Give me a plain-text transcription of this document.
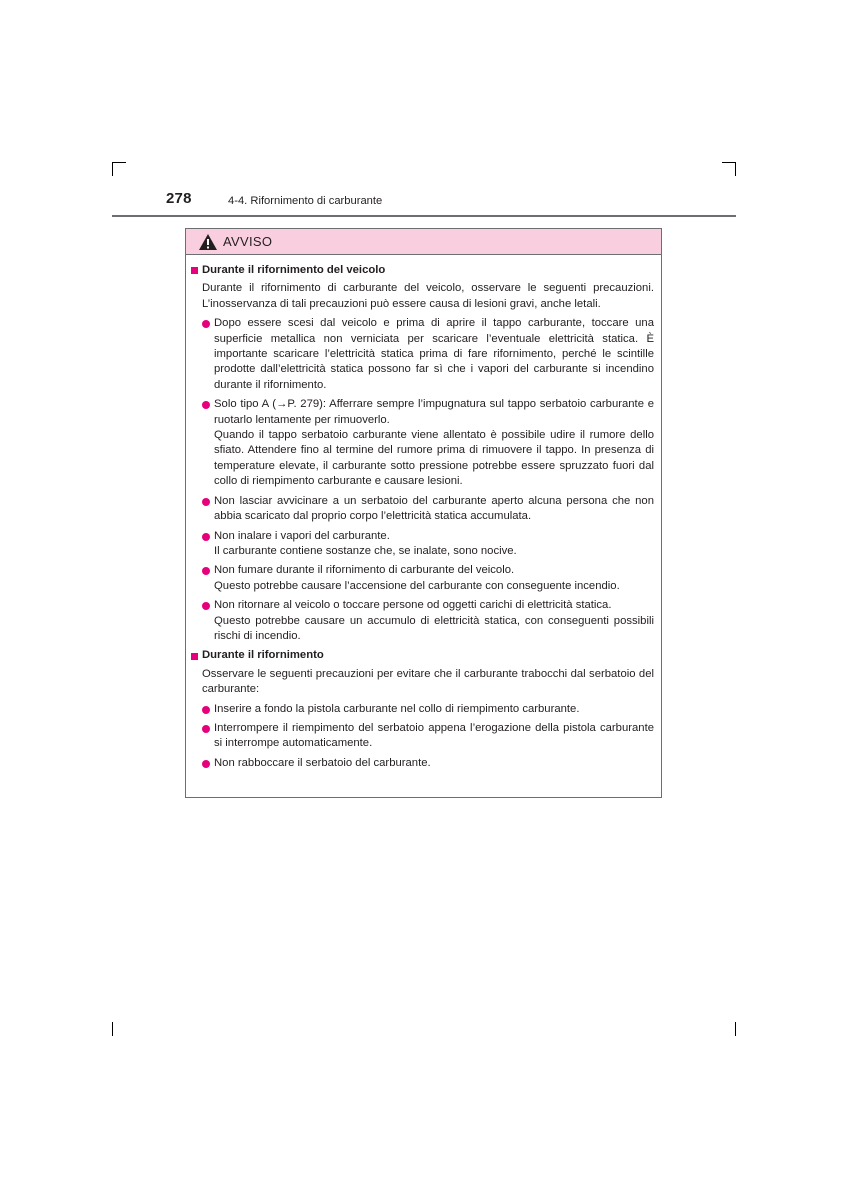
278	4-4. Rifornimento di carburante
AVVISO
Durante il rifornimento del veicolo
Durante il rifornimento di carburante del veicolo, osservare le seguenti precauzioni. L’inosservanza di tali precauzioni può essere causa di lesioni gravi, anche letali.
Dopo essere scesi dal veicolo e prima di aprire il tappo carburante, toccare una superficie metallica non verniciata per scaricare l’eventuale elettricità statica. È importante scaricare l’elettricità statica prima di fare rifornimento, perché le scintille prodotte dall’elettricità statica possono far sì che i vapori del carburante si incendino durante il rifornimento.
Solo tipo A (→P. 279): Afferrare sempre l’impugnatura sul tappo serbatoio carburante e ruotarlo lentamente per rimuoverlo.
Quando il tappo serbatoio carburante viene allentato è possibile udire il rumore dello sfiato. Attendere fino al termine del rumore prima di rimuovere il tappo. In presenza di temperature elevate, il carburante sotto pressione potrebbe essere spruzzato fuori dal collo di riempimento carburante e causare lesioni.
Non lasciar avvicinare a un serbatoio del carburante aperto alcuna persona che non abbia scaricato dal proprio corpo l’elettricità statica accumulata.
Non inalare i vapori del carburante.
Il carburante contiene sostanze che, se inalate, sono nocive.
Non fumare durante il rifornimento di carburante del veicolo.
Questo potrebbe causare l’accensione del carburante con conseguente incendio.
Non ritornare al veicolo o toccare persone od oggetti carichi di elettricità statica.
Questo potrebbe causare un accumulo di elettricità statica, con conseguenti possibili rischi di incendio.
Durante il rifornimento
Osservare le seguenti precauzioni per evitare che il carburante trabocchi dal serbatoio del carburante:
Inserire a fondo la pistola carburante nel collo di riempimento carburante.
Interrompere il riempimento del serbatoio appena l’erogazione della pistola carburante si interrompe automaticamente.
Non rabboccare il serbatoio del carburante.
